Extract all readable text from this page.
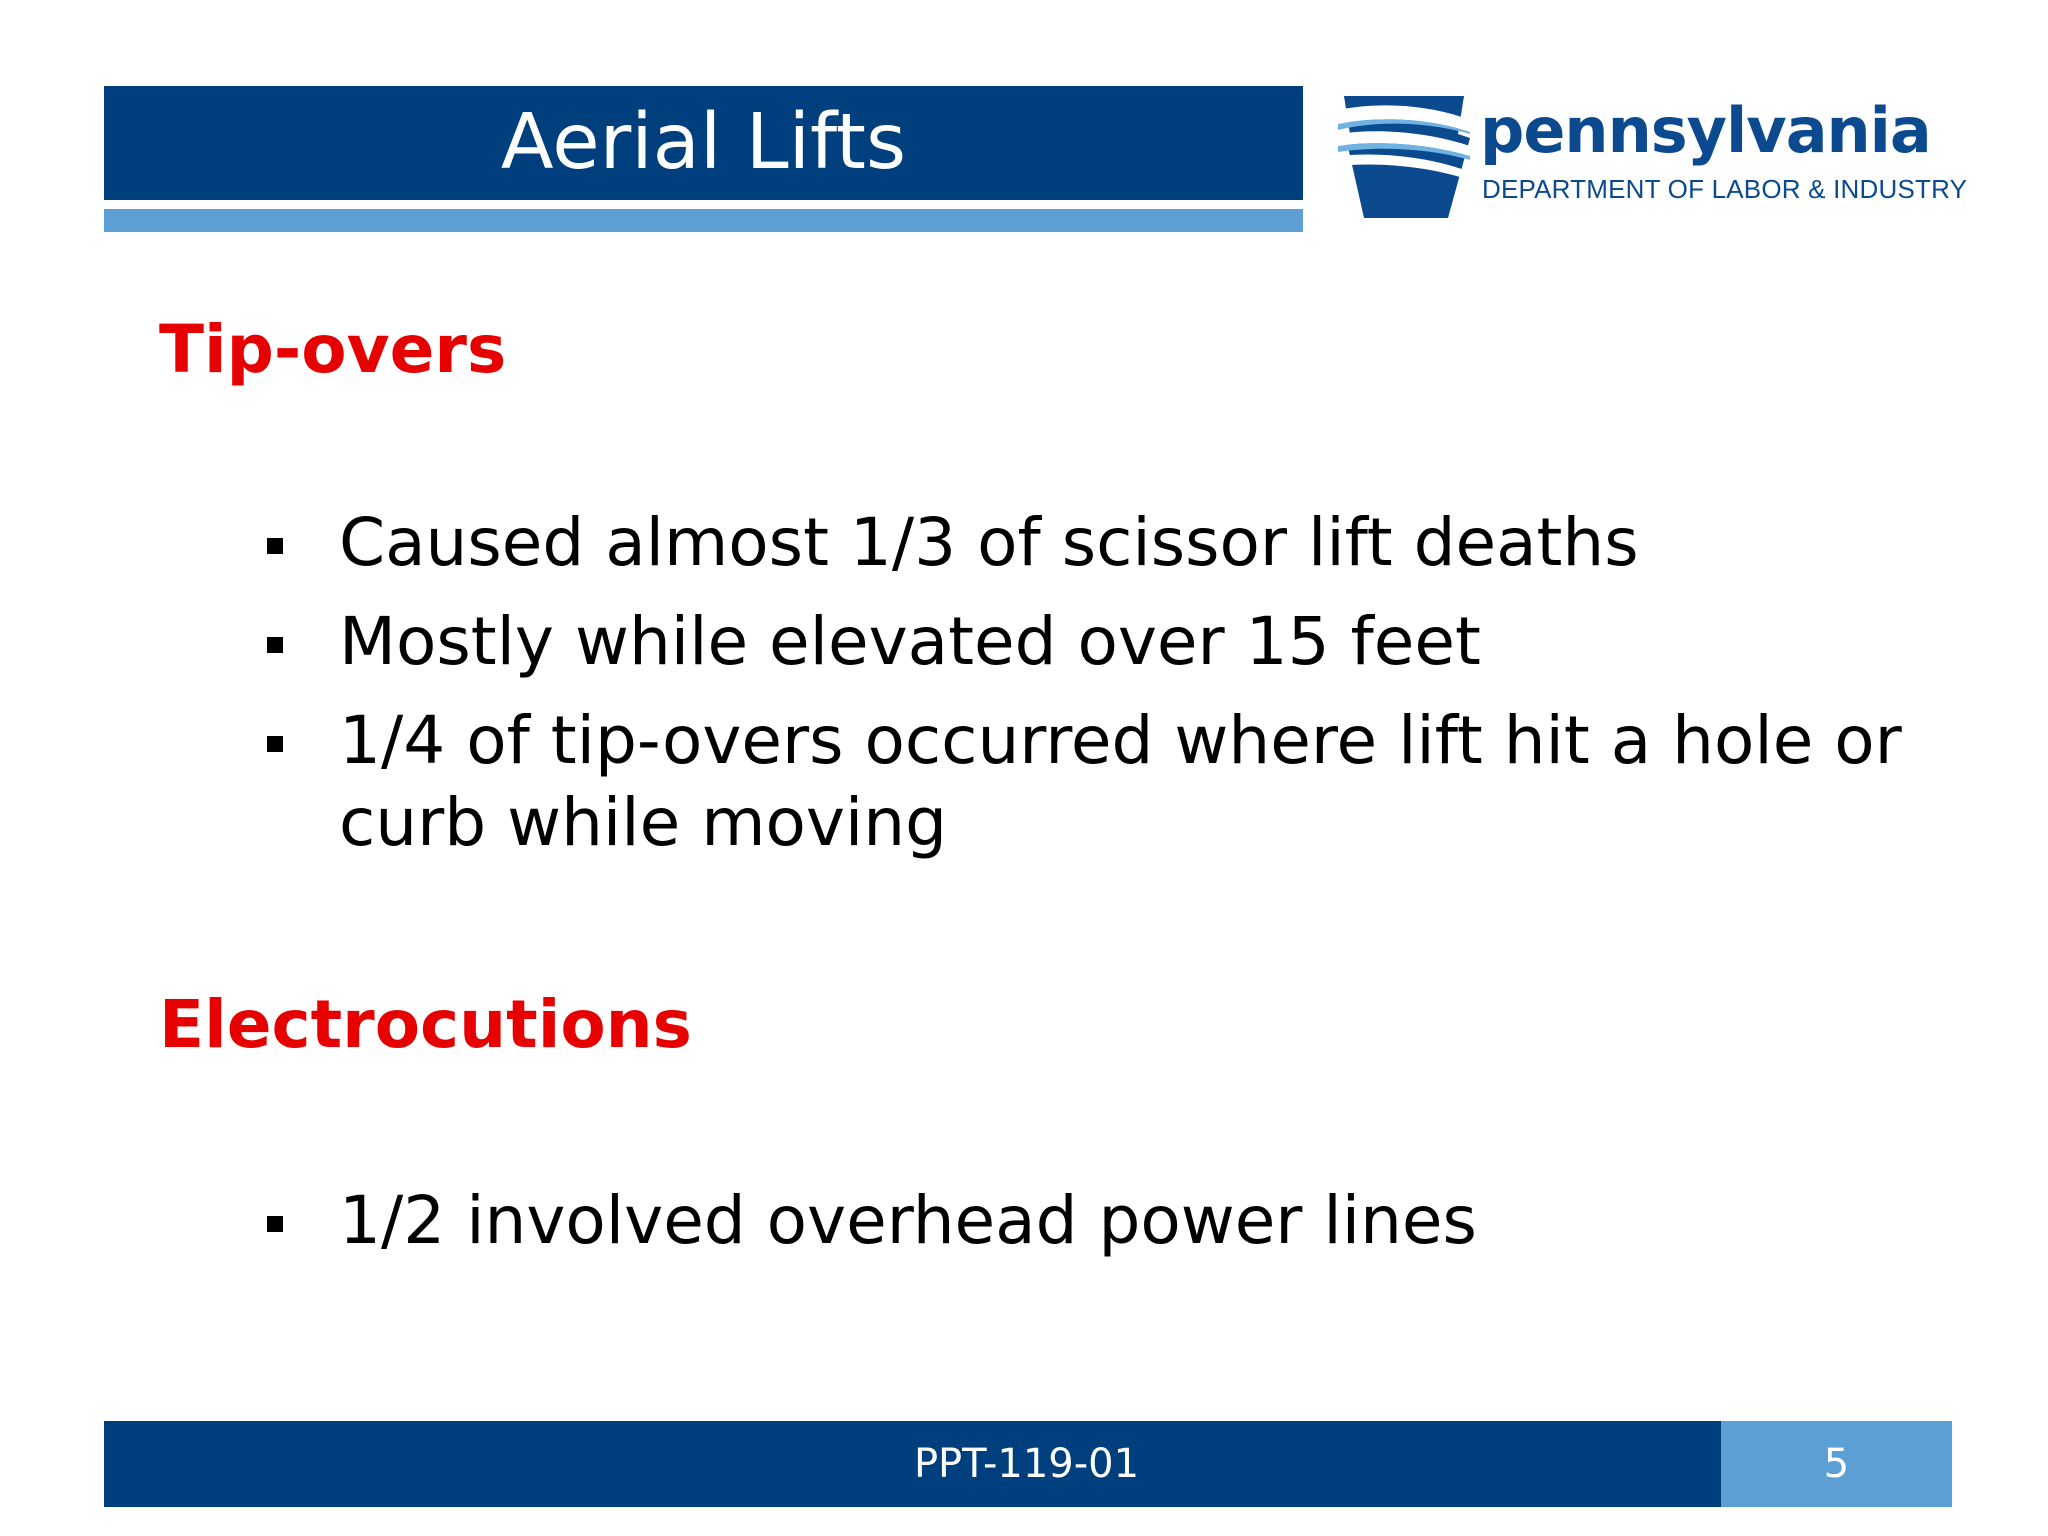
Aerial Lifts	pennsylvania
DEPARTMENT OF LABOR & INDUSTRY
Tip-overs
Caused almost 1/3 of scissor lift deaths
Mostly while elevated over 15 feet
1/4 of tip-overs occurred where lift hit a hole or  curb while moving
Electrocutions
1/2 involved overhead power lines
PPT-119-01	5
